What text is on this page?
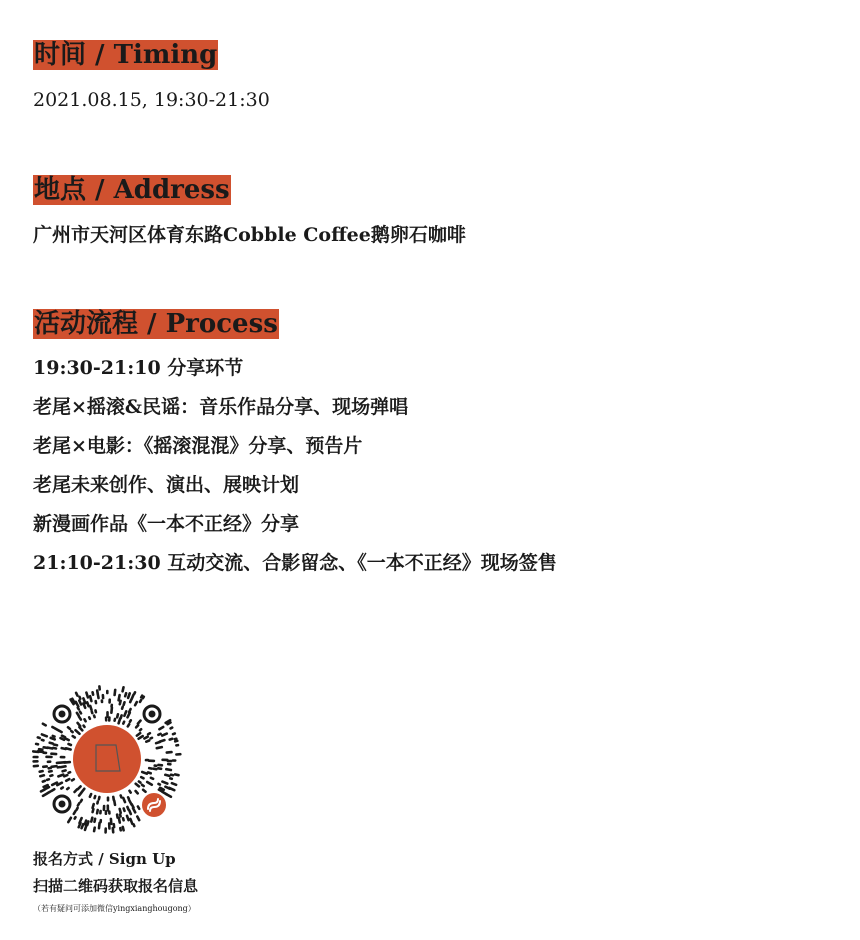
时间 / Timing
2021.08.15, 19:30-21:30
地点 / Address
广州市天河区体育东路Cobble Coffee鹅卵石咖啡
活动流程 / Process
19:30-21:10 分享环节
老尾×摇滚&民谣：音乐作品分享、现场弹唱
老尾×电影：《摇滚混混》分享、预告片
老尾未来创作、演出、展映计划
新漫画作品《一本不正经》分享
21:10-21:30 互动交流、合影留念、《一本不正经》现场签售
报名方式 / Sign Up
扫描二维码获取报名信息
（若有疑问可添加微信yingxianghougong）
